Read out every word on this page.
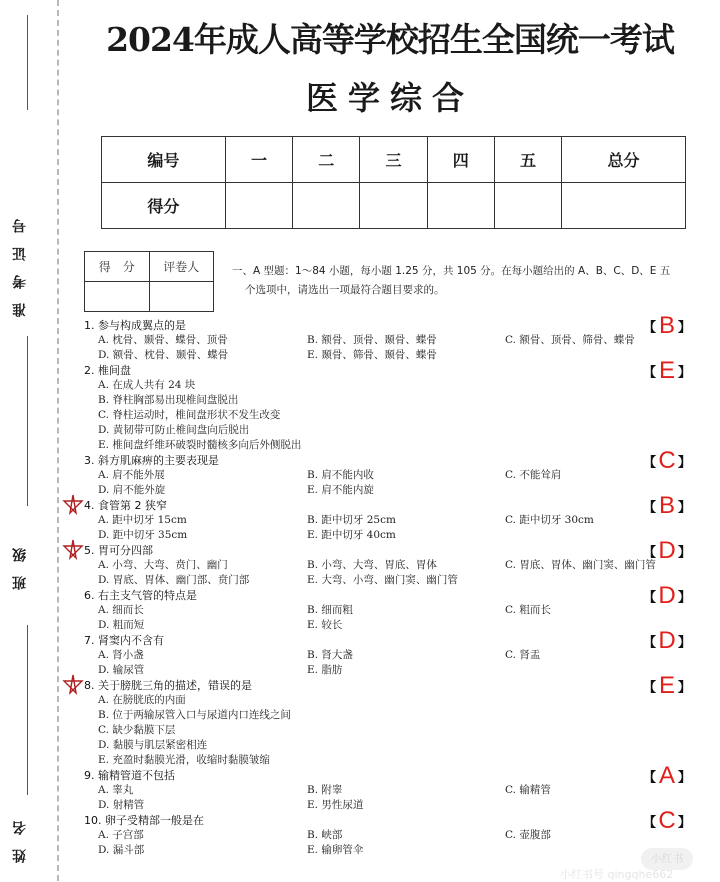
准考证号
班级
姓名
2024年成人高等学校招生全国统一考试
医学综合
编号	一	二	三	四	五	总分
得分						
得　分	评卷人
		一、A 型题：1～84 小题，每小题 1.25 分，共 105 分。在每小题给出的 A、B、C、D、E 五
个选项中，请选出一项最符合题目要求的。
1. 参与构成翼点的是
A. 枕骨、颞骨、蝶骨、顶骨	B. 额骨、顶骨、颞骨、蝶骨	C. 额骨、顶骨、筛骨、蝶骨
D. 额骨、枕骨、颞骨、蝶骨	E. 颞骨、筛骨、颞骨、蝶骨
【 B 】
2. 椎间盘
A. 在成人共有 24 块
B. 脊柱胸部易出现椎间盘脱出
C. 脊柱运动时，椎间盘形状不发生改变
D. 黄韧带可防止椎间盘向后脱出
E. 椎间盘纤维环破裂时髓核多向后外侧脱出
【 E 】
3. 斜方肌麻痹的主要表现是
A. 肩不能外展	B. 肩不能内收	C. 不能耸肩
D. 肩不能外旋	E. 肩不能内旋
【C 】
4. 食管第 2 狭窄
A. 距中切牙 15cm	B. 距中切牙 25cm	C. 距中切牙 30cm
D. 距中切牙 35cm	E. 距中切牙 40cm
【 B 】
5. 胃可分四部
A. 小弯、大弯、贲门、幽门	B. 小弯、大弯、胃底、胃体	C. 胃底、胃体、幽门窦、幽门管
D. 胃底、胃体、幽门部、贲门部	E. 大弯、小弯、幽门窦、幽门管
【D 】
6. 右主支气管的特点是
A. 细而长	B. 细而粗	C. 粗而长
D. 粗而短	E. 较长
【D 】
7. 肾窦内不含有
A. 肾小盏	B. 肾大盏	C. 肾盂
D. 输尿管	E. 脂肪
【D 】
8. 关于膀胱三角的描述，错误的是
A. 在膀胱底的内面
B. 位于两输尿管入口与尿道内口连线之间
C. 缺少黏膜下层
D. 黏膜与肌层紧密相连
E. 充盈时黏膜光滑，收缩时黏膜皱缩
【 E 】
9. 输精管道不包括
A. 睾丸	B. 附睾	C. 输精管
D. 射精管	E. 男性尿道
【 A 】
10. 卵子受精部一般是在
A. 子宫部	B. 峡部	C. 壶腹部
D. 漏斗部	E. 输卵管伞
【C 】
小红书
小红书号 qingqhe662
